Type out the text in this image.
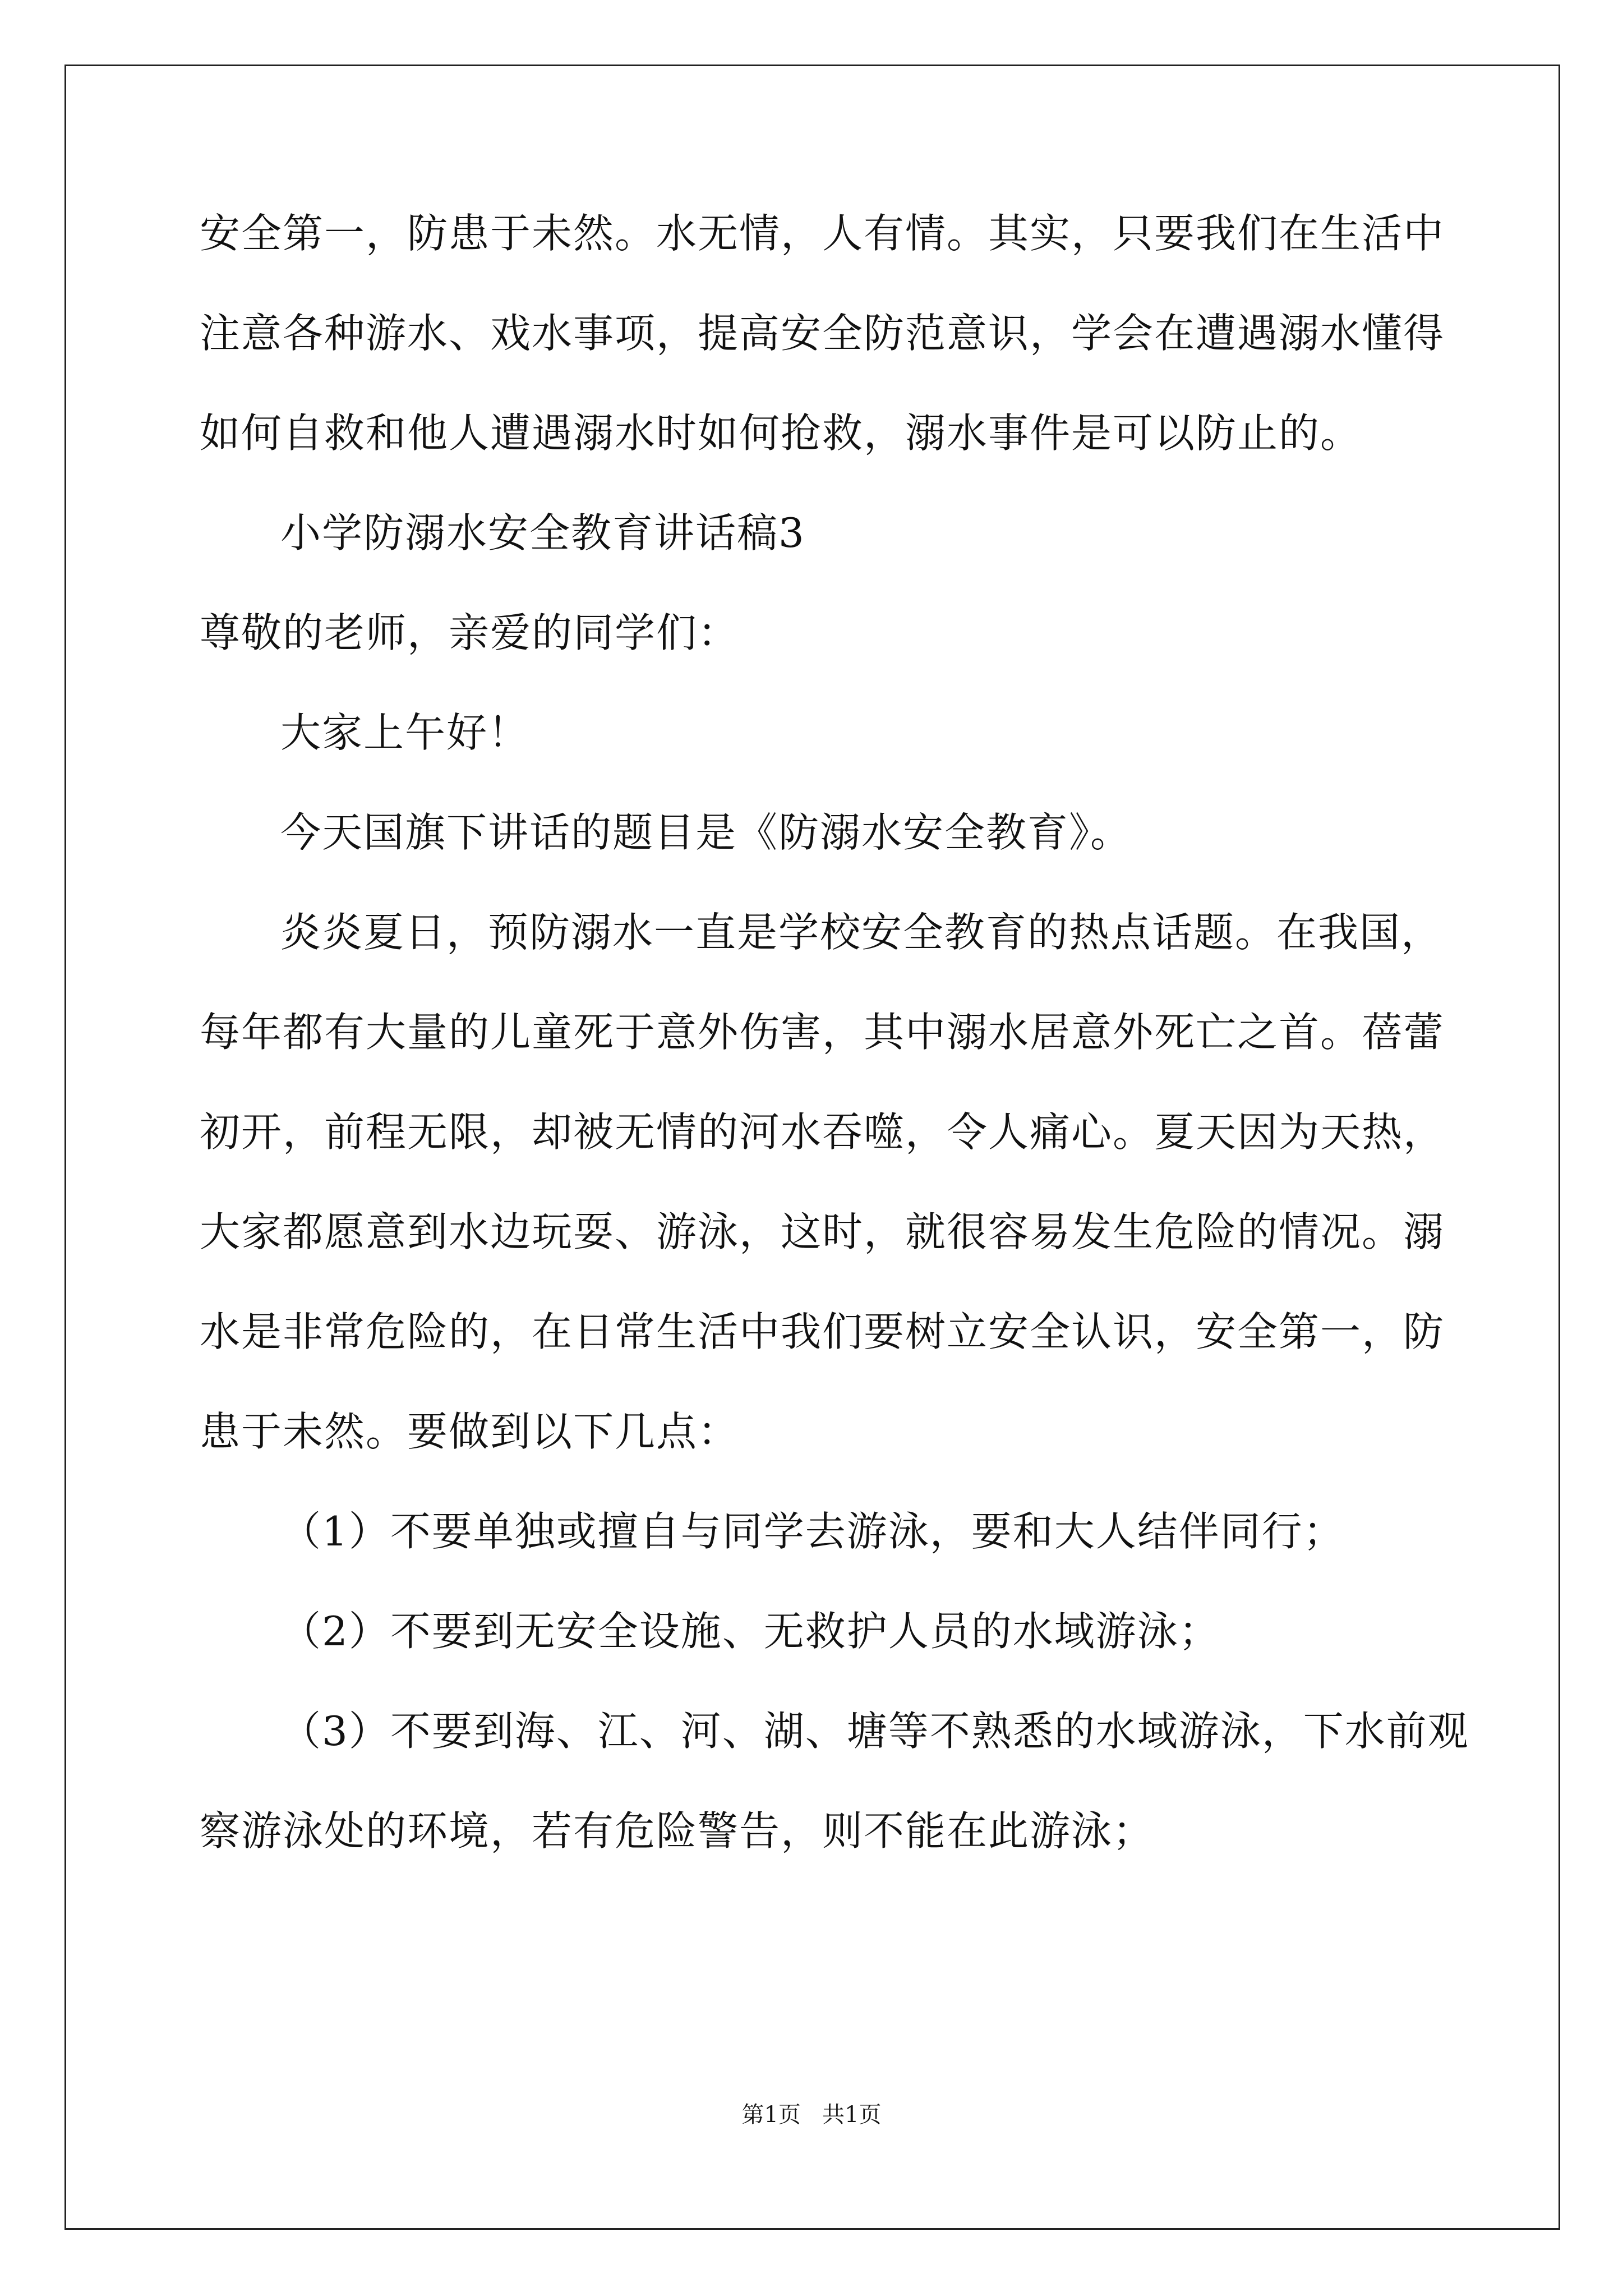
安全第一，防患于未然。水无情，人有情。其实，只要我们在生活中
注意各种游水、戏水事项，提高安全防范意识，学会在遭遇溺水懂得
如何自救和他人遭遇溺水时如何抢救，溺水事件是可以防止的。
小学防溺水安全教育讲话稿3
尊敬的老师，亲爱的同学们：
大家上午好！
今天国旗下讲话的题目是《防溺水安全教育》。
炎炎夏日，预防溺水一直是学校安全教育的热点话题。在我国，
每年都有大量的儿童死于意外伤害，其中溺水居意外死亡之首。蓓蕾
初开，前程无限，却被无情的河水吞噬，令人痛心。夏天因为天热，
大家都愿意到水边玩耍、游泳，这时，就很容易发生危险的情况。溺
水是非常危险的，在日常生活中我们要树立安全认识，安全第一，防
患于未然。要做到以下几点：
（1）不要单独或擅自与同学去游泳，要和大人结伴同行；
（2）不要到无安全设施、无救护人员的水域游泳；
（3）不要到海、江、河、湖、塘等不熟悉的水域游泳，下水前观
察游泳处的环境，若有危险警告，则不能在此游泳；
第1页   共1页
